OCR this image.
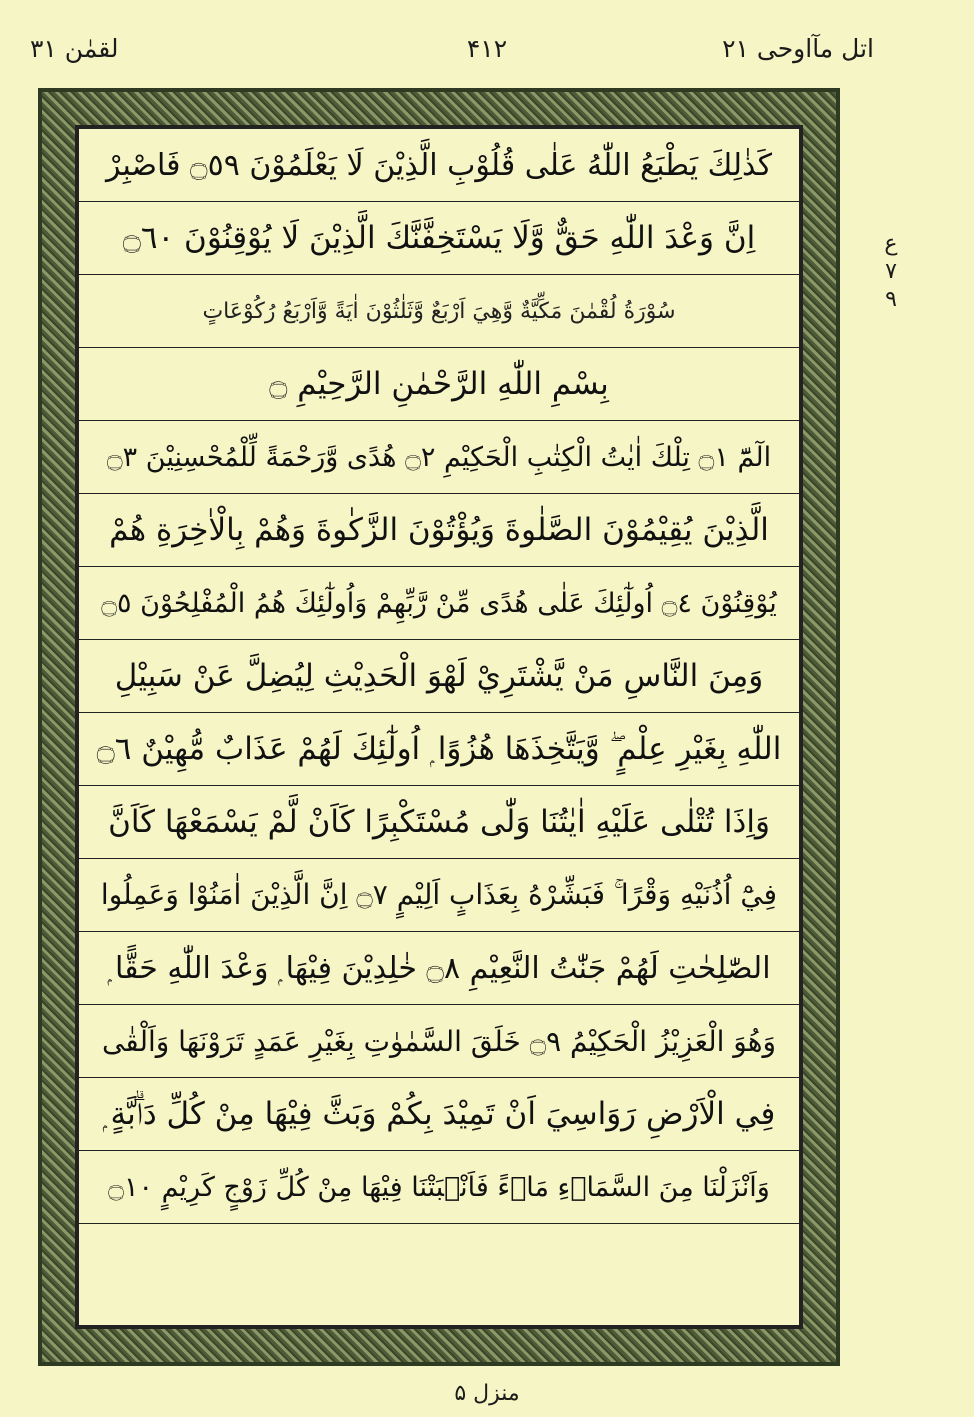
اتل مآاوحی ۲۱
۴۱۲
لقمٰن ۳۱
ع ۷ ۹
كَذٰلِكَ يَطْبَعُ اللّٰهُ عَلٰى قُلُوْبِ الَّذِيْنَ لَا يَعْلَمُوْنَ ۝٥٩ فَاصْبِرْ
اِنَّ وَعْدَ اللّٰهِ حَقٌّ وَّلَا يَسْتَخِفَّنَّكَ الَّذِيْنَ لَا يُوْقِنُوْنَ ۝٦٠
سُوْرَةُ لُقْمٰنَ مَكِّيَّةٌ وَّهِيَ اَرْبَعٌ وَّثَلٰثُوْنَ اٰيَةً وَّاَرْبَعُ رُكُوْعَاتٍ
بِسْمِ اللّٰهِ الرَّحْمٰنِ الرَّحِيْمِ ۝
الٓمّٓ ۝١ تِلْكَ اٰيٰتُ الْكِتٰبِ الْحَكِيْمِ ۝٢ هُدًى وَّرَحْمَةً لِّلْمُحْسِنِيْنَ ۝٣
الَّذِيْنَ يُقِيْمُوْنَ الصَّلٰوةَ وَيُؤْتُوْنَ الزَّكٰوةَ وَهُمْ بِالْاٰخِرَةِ هُمْ
يُوْقِنُوْنَ ۝٤ اُولٰٓئِكَ عَلٰى هُدًى مِّنْ رَّبِّهِمْ وَاُولٰٓئِكَ هُمُ الْمُفْلِحُوْنَ ۝٥
وَمِنَ النَّاسِ مَنْ يَّشْتَرِيْ لَهْوَ الْحَدِيْثِ لِيُضِلَّ عَنْ سَبِيْلِ
اللّٰهِ بِغَيْرِ عِلْمٍ ۖ وَّيَتَّخِذَهَا هُزُوًا ۭ اُولٰٓئِكَ لَهُمْ عَذَابٌ مُّهِيْنٌ ۝٦
وَاِذَا تُتْلٰى عَلَيْهِ اٰيٰتُنَا وَلّٰى مُسْتَكْبِرًا كَاَنْ لَّمْ يَسْمَعْهَا كَاَنَّ
فِيْٓ اُذُنَيْهِ وَقْرًا ۚ فَبَشِّرْهُ بِعَذَابٍ اَلِيْمٍ ۝٧ اِنَّ الَّذِيْنَ اٰمَنُوْا وَعَمِلُوا
الصّٰلِحٰتِ لَهُمْ جَنّٰتُ النَّعِيْمِ ۝٨ خٰلِدِيْنَ فِيْهَا ۭ وَعْدَ اللّٰهِ حَقًّا ۭ
وَهُوَ الْعَزِيْزُ الْحَكِيْمُ ۝٩ خَلَقَ السَّمٰوٰتِ بِغَيْرِ عَمَدٍ تَرَوْنَهَا وَاَلْقٰى
فِي الْاَرْضِ رَوَاسِيَ اَنْ تَمِيْدَ بِكُمْ وَبَثَّ فِيْهَا مِنْ كُلِّ دَاۗبَّةٍ ۭ
وَاَنْزَلْنَا مِنَ السَّمَاۗءِ مَاۗءً فَاَنْۢبَتْنَا فِيْهَا مِنْ كُلِّ زَوْجٍ كَرِيْمٍ ۝١٠
منزل ۵
